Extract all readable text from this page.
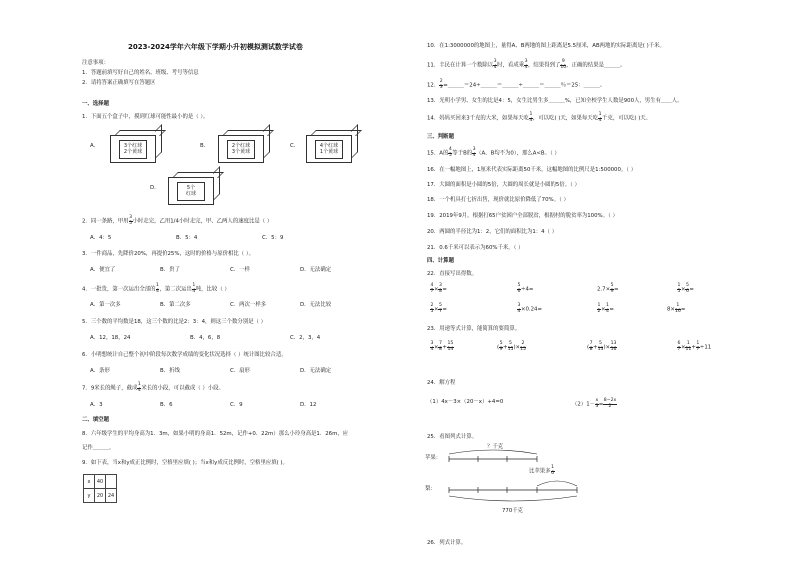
2023-2024学年六年级下学期小升初模拟测试数学试卷
注意事项：
1．答题前填写好自己的姓名、班级、考号等信息
2．请将答案正确填写在答题区
一、选择题
1．下面五个盒子中，摸到红球可能性最小的是（ ）。
A．	3个红球
2个黄球
B．	2个红球
3个黄球
C．	4个红球
1个黄球
D．	5个
红球
2．同一条路，甲用 $\frac{3}{5}$ 小时走完，乙用1/4小时走完，甲、乙两人的速度比是（ ）
A．4：5	B．5：4	C．5：9
3．一件商品，先降价20%，再提价25%，这时的价格与原价相比（ ）。
A．便宜了	B．贵了	C．一样	D．无法确定
4．一批货，第一次运出全部的 $\frac{1}{4}$ ，第二次运出 $\frac{1}{4}$ 吨，比较（ ）
A．第一次多	B．第二次多	C．两次一样多	D．无法比较
5．三个数的平均数是18，这三个数的比是2：3：4，则这三个数分别是（ ）
A．12，18，24	B．4，6，8	C．2，3，4
6．小明想统计自己整个初中阶段每次数学成绩的变化状况选择（ ）统计图比较合适。
A．条形	B．折线	C．扇形	D．无法确定
7．9米长的绳子，截成 $\frac{1}{4}$ 米长的小段，可以截成（ ）小段。
A．3	B．6	C．9	D．12
二、填空题
8．六年级学生的平均身高为1．3m，如果小明的身高1．52m，记作+0．22m）那么小玲身高是1．26m，应
记作＿＿＿。
9．如下表，当x和y成正比例时，空格里应填( )；当x和y成反比例时，空格里应填( )。
x	40	
y	20	24
10．在1:3000000的地图上，量得A、B两地的图上距离是5.5厘米，AB两地的实际距离是( )千米。
11．丰民在计算一个数除以 $\frac{3}{4}$ 时，看成乘 $\frac{3}{4}$ ，结果得到了 $\frac{9}{10}$ ，正确的结果是＿＿＿。
12． $\frac{2}{3}$ =＿＿＿＝24÷＿＿＿＝＿＿＿÷＿＿＿＝＿＿＿％＝25：＿＿＿。
13．光明小学男、女生的比是4：5，女生比男生多＿＿＿%，已知全校学生人数是900人，男生有＿＿人。
14．妈妈买回来3千克的大米，如果每天吃 $\frac{1}{4}$ ，可以吃( )天，如果每天吃 $\frac{1}{4}$ 千克，可以吃( )天。
三、判断题
15．A的 $\frac{4}{5}$ 等于B的 $\frac{3}{4} (A$、B均不为0），那么A<B。（ ）
16．在一幅地图上，1厘米代表实际距离50千米，这幅地图的比例尺是1:500000。（ ）
17．大圆的面积是小圆的5倍，大圆的周长就是小圆的5倍。（ ）
18．一个机具打七折出售，现价就比原价降低了70%。（ ）
19．2019年9月，根据打65户贫困户全部脱贫，根据村的脱贫率为100%。（ ）
20．两圆的半径比为1：2，它们的面积比为1：4（ ）
21．0.6千米可以表示为60%千米。（ ）
四、计算题
22．直接写出得数。
$\frac{4}{7} \times \frac{3}{8}$ =	$\frac{5}{6} \div 4=$	$2.7\times \frac{5}{9}$ =	$\frac{1}{5} \times \frac{5}{6}$ =
$\frac{2}{5} \times \frac{5}{7}$ =	$\frac{3}{4} \times 0.24=$	$\frac{1}{2} \times \frac{1}{4}$ =	$8\times \frac{1}{16}$ =
23．用递等式计算，能简算的要简算。
$\frac{3}{4} \times \frac{7}{8} + \frac{15}{14}$	( $\frac{5}{9} + \frac{5}{15}$ )× $\frac{2}{15}$	( $\frac{7}{8} + \frac{5}{13}$ )× $\frac{13}{16}$	$\frac{6}{7} \times \frac{1}{11} + \frac{1}{7} \div 11$
24．解方程
（1）4x－3×（20－x）+4=0	$(2)1- \frac{x}{3} = \frac{8-2x}{2}$
25．看图列式计算。
苹果：
梨：
？千克
比苹果多 $\frac{1}{6}$
770千克
26．列式计算。
